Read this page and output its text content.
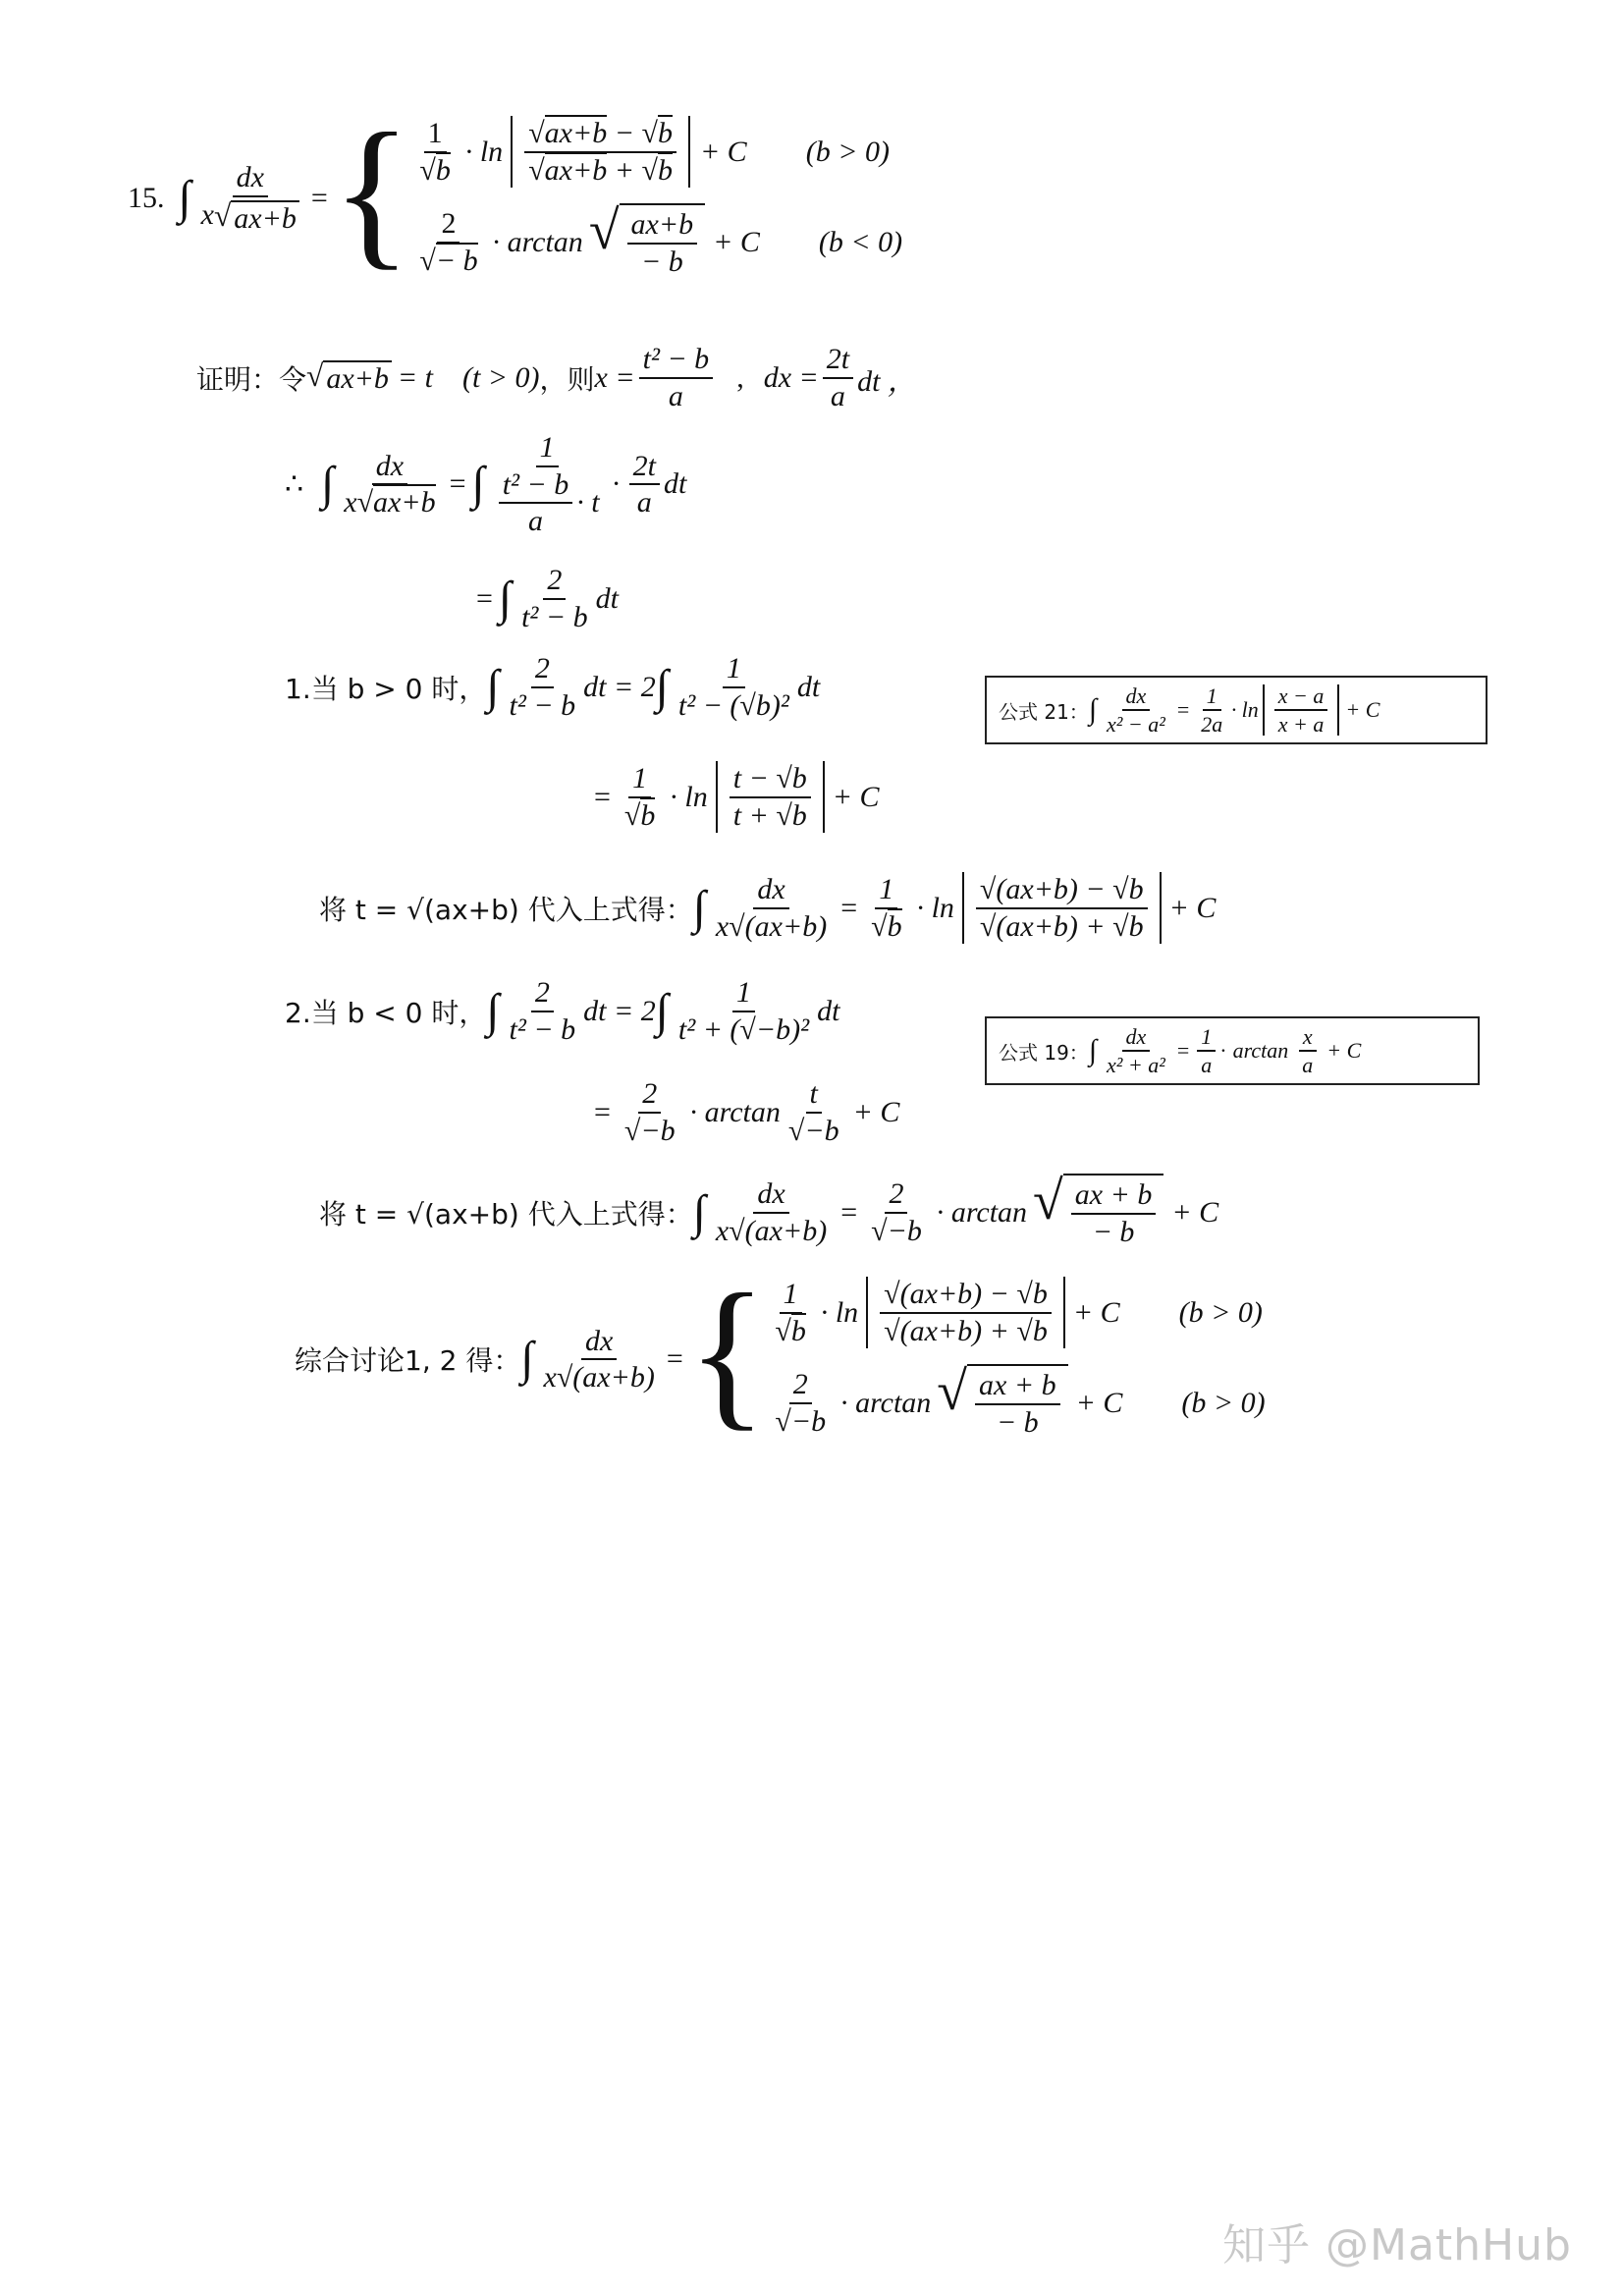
15. ∫ $\frac{dx}{x √ ax+b}$ = { $\frac{1}{√b} \cdot \ln \frac{√ax+b - √b}{√ax+b + √b} + C$ (b > 0)
$\frac{2}{√- b} \cdot \arctan$ √ $\frac{ax+b}{- b} + C$ (b < 0)
证明：令 √ ax+b = t (t > 0) ，则 $x = \frac{\text{t² − b}}{a}$ , dx = $\frac{2t}{a}$ dt ，
∴ ∫ $\frac{dx}{x√ax+b}$ = ∫ $\frac{1}{\frac{\text{t² − b}}{a} \cdot t} \cdot \frac{2t}{a}$ dt
= ∫ $\frac{2}{\text{t² − b}}$ dt
1.当 b > 0 时， ∫ $\frac{2}{\text{t² − b}}$ dt = 2 ∫ $\frac{1}{\text{t² − (√b)²}}$ dt
= $\frac{1}{√b} \cdot \ln \frac{t - √b}{t + √b} + C$
公式 21： ∫ $\frac{dx}{\text{x² − a²}} = \frac{1}{2a} \cdot \ln \frac{x - a}{x + a} + C$
将 t = √(ax+b) 代入上式得： ∫ $\frac{dx}{x√(ax+b)} = \frac{1}{√b} \cdot \ln \frac{√(ax+b) - √b}{√(ax+b) + √b} + C$
2.当 b < 0 时， ∫ $\frac{2}{\text{t² − b}}$ dt = 2 ∫ $\frac{1}{\text{t² + (√−b)²}}$ dt
公式 19： ∫ $\frac{dx}{\text{x² + a²}} = \frac{1}{a} \cdot \arctan \frac{x}{a} + C$
= $\frac{2}{√-b} \cdot \arctan \frac{t}{√-b} + C$
将 t = √(ax+b) 代入上式得： ∫ $\frac{dx}{x√(ax+b)} = \frac{2}{√-b} \cdot \arctan$ √ $\frac{ax + b}{- b} + C$
综合讨论1, 2 得： ∫ $\frac{dx}{x√(ax+b)}$ = { $\frac{1}{√b} \cdot \ln \frac{√(ax+b) - √b}{√(ax+b) + √b} + C$ (b > 0)
$\frac{2}{√-b} \cdot \arctan$ √ $\frac{ax + b}{- b} + C$ (b > 0)
知乎 @MathHub
